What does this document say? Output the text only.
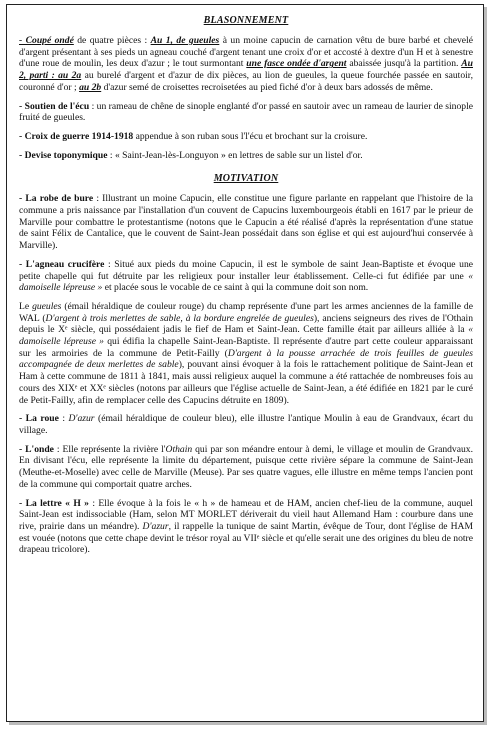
BLASONNEMENT

- Coupé ondé de quatre pièces : Au 1, de gueules à un moine capucin de carnation vêtu de bure barbé et chevelé d'argent présentant à ses pieds un agneau couché d'argent tenant une croix d'or et accosté à dextre d'un H et à senestre d'une roue de moulin, les deux d'azur ; le tout surmontant une fasce ondée d'argent abaissée jusqu'à la partition. Au 2, parti : au 2a au burelé d'argent et d'azur de dix pièces, au lion de gueules, la queue fourchée passée en sautoir, couronné d'or ; au 2b d'azur semé de croisettes recroisetées au pied fiché d'or à deux bars adossés de même.

- Soutien de l'écu : un rameau de chêne de sinople englanté d'or passé en sautoir avec un rameau de laurier de sinople fruité de gueules.

- Croix de guerre 1914-1918 appendue à son ruban sous l'l'écu et brochant sur la croisure.

- Devise toponymique : « Saint-Jean-lès-Longuyon » en lettres de sable sur un listel d'or.

MOTIVATION

- La robe de bure : Illustrant un moine Capucin, elle constitue une figure parlante en rappelant que l'histoire de la commune a pris naissance par l'installation d'un couvent de Capucins luxembourgeois établi en 1617 par le prieur de Marville pour combattre le protestantisme (notons que le Capucin a été réalisé d'après la représentation d'une statue de saint Félix de Cantalice, que le couvent de Saint-Jean possédait dans son église et qui est aujourd'hui conservée à Marville).

- L'agneau crucifère : Situé aux pieds du moine Capucin, il est le symbole de saint Jean-Baptiste et évoque une petite chapelle qui fut détruite par les religieux pour installer leur établissement. Celle-ci fut édifiée par une « damoiselle lépreuse » et placée sous le vocable de ce saint à qui la commune doit son nom.

Le gueules (émail héraldique de couleur rouge) du champ représente d'une part les armes anciennes de la famille de WAL (D'argent à trois merlettes de sable, à la bordure engrelée de gueules), anciens seigneurs des rives de l'Othain depuis le Xᵉ siècle, qui possédaient jadis le fief de Ham et Saint-Jean. Cette famille était par ailleurs alliée à la « damoiselle lépreuse » qui édifia la chapelle Saint-Jean-Baptiste. Il représente d'autre part cette couleur apparaissant sur les armoiries de la commune de Petit-Failly (D'argent à la pousse arrachée de trois feuilles de gueules accompagnée de deux merlettes de sable), pouvant ainsi évoquer à la fois le rattachement politique de Saint-Jean et Ham à cette commune de 1811 à 1841, mais aussi religieux auquel la commune a été rattachée de nombreuses fois au cours des XIXᵉ et XXᵉ siècles (notons par ailleurs que l'église actuelle de Saint-Jean, a été édifiée en 1821 par le curé de Petit-Failly, afin de remplacer celle des Capucins détruite en 1809).

- La roue : D'azur (émail héraldique de couleur bleu), elle illustre l'antique Moulin à eau de Grandvaux, écart du village.

- L'onde : Elle représente la rivière l'Othain qui par son méandre entour à demi, le village et moulin de Grandvaux. En divisant l'écu, elle représente la limite du département, puisque cette rivière sépare la commune de Saint-Jean (Meuthe-et-Moselle) avec celle de Marville (Meuse). Par ses quatre vagues, elle illustre en même temps l'ancien pont de la commune qui comportait quatre arches.

- La lettre « H » : Elle évoque à la fois le « h » de hameau et de HAM, ancien chef-lieu de la commune, auquel Saint-Jean est indissociable (Ham, selon MT MORLET dériverait du vieil haut Allemand Ham : courbure dans une rive, prairie dans un méandre). D'azur, il rappelle la tunique de saint Martin, évêque de Tour, dont l'église de HAM est vouée (notons que cette chape devint le trésor royal au VIIᵉ siècle et qu'elle serait une des origines du bleu de notre drapeau tricolore).
